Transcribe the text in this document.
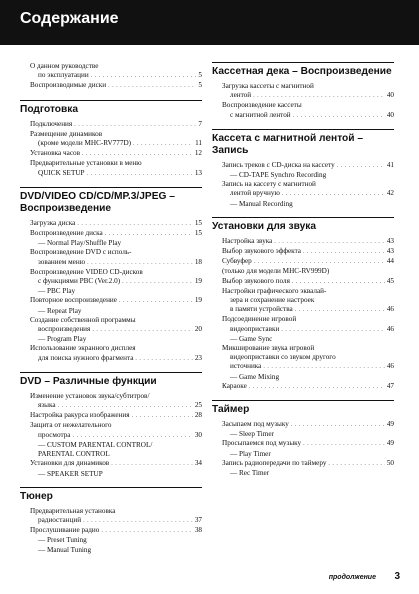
Содержание
О данном руководстве
по эксплуатации . . .	5
Воспроизводимые диски . . .	5
Подготовка
Подключения . . .	7
Размещение динамиков
(кроме модели MHC-RV777D) . . .	11
Установка часов . . .	12
Предварительные установки в меню
QUICK SETUP . . .	13
DVD/VIDEO CD/CD/MP.3/JPEG – Воспроизведение
Загрузка диска . . .	15
Воспроизведение диска . . .	15
— Normal Play/Shuffle Play
Воспроизведение DVD с исполь-
зованием меню . . .	18
Воспроизведение VIDEO CD-дисков
с функциями PBC (Ver.2.0) . . .	19
— PBC Play
Повторное воспроизведение . . .	19
— Repeat Play
Создание собственной программы
воспроизведения . . .	20
— Program Play
Использование экранного дисплея
для поиска нужного фрагмента . . .	23
DVD – Различные функции
Изменение установок звука/субтитров/
языка . . .	25
Настройка ракурса изображения . . .	28
Защита от нежелательного
просмотра . . .	30
— CUSTOM PARENTAL CONTROL/
PARENTAL CONTROL
Установки для динамиков . . .	34
— SPEAKER SETUP
Тюнер
Предварительная установка
радиостанций . . .	37
Прослушивание радио . . .	38
— Preset Tuning
— Manual Tuning
Кассетная дека – Воспроизведение
Загрузка кассеты с магнитной
лентой . . .	40
Воспроизведение кассеты
с магнитной лентой . . .	40
Кассета с магнитной лентой – Запись
Запись треков с CD-диска на кассету . . .	41
— CD-TAPE Synchro Recording
Запись на кассету с магнитной
лентой вручную . . .	42
— Manual Recording
Установки для звука
Настройка звука . . .	43
Выбор звукового эффекта . . .	43
Субвуфер . . .	44
(только для модели MHC-RV999D)
Выбор звукового поля . . .	45
Настройки графического эквалай-
зера и сохранение настроек
в памяти устройства . . .	46
Подсоединение игровой
видеоприставки . . .	46
— Game Sync
Микширование звука игровой
видеоприставки со звуком другого
источника . . .	46
— Game Mixing
Караоке . . .	47
Таймер
Засыпаем под музыку . . .	49
— Sleep Timer
Просыпаемся под музыку . . .	49
— Play Timer
Запись радиопередачи по таймеру . . .	50
— Rec Timer
продолжение 3
